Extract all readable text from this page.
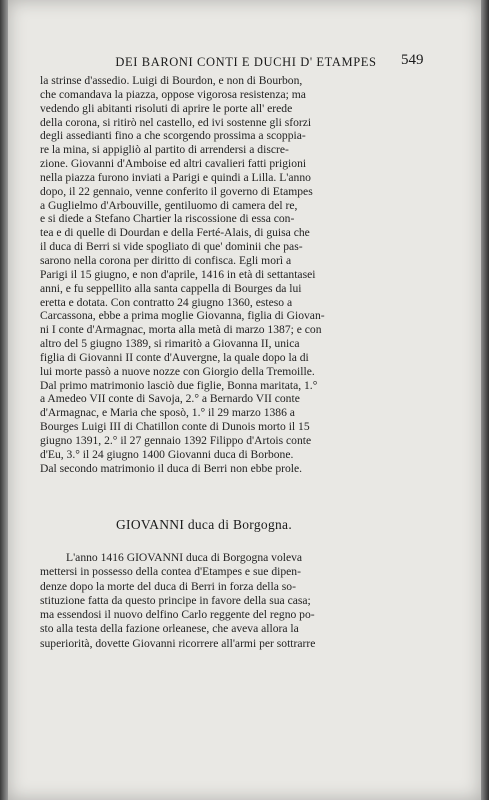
DEI BARONI CONTI E DUCHI D' ETAMPES	549
la strinse d'assedio. Luigi di Bourdon, e non di Bourbon,
che comandava la piazza, oppose vigorosa resistenza; ma
vedendo gli abitanti risoluti di aprire le porte all' erede
della corona, si ritirò nel castello, ed ivi sostenne gli sforzi
degli assedianti fino a che scorgendo prossima a scoppia-
re la mina, si appigliò al partito di arrendersi a discre-
zione. Giovanni d'Amboise ed altri cavalieri fatti prigioni
nella piazza furono inviati a Parigi e quindi a Lilla. L'anno
dopo, il 22 gennaio, venne conferito il governo di Etampes
a Guglielmo d'Arbouville, gentiluomo di camera del re,
e si diede a Stefano Chartier la riscossione di essa con-
tea e di quelle di Dourdan e della Ferté-Alais, di guisa che
il duca di Berri si vide spogliato di que' dominii che pas-
sarono nella corona per diritto di confisca. Egli morì a
Parigi il 15 giugno, e non d'aprile, 1416 in età di settantasei
anni, e fu seppellito alla santa cappella di Bourges da lui
eretta e dotata. Con contratto 24 giugno 1360, esteso a
Carcassona, ebbe a prima moglie Giovanna, figlia di Giovan-
ni I conte d'Armagnac, morta alla metà di marzo 1387; e con
altro del 5 giugno 1389, si rimaritò a Giovanna II, unica
figlia di Giovanni II conte d'Auvergne, la quale dopo la di
lui morte passò a nuove nozze con Giorgio della Tremoille.
Dal primo matrimonio lasciò due figlie, Bonna maritata, 1.°
a Amedeo VII conte di Savoja, 2.° a Bernardo VII conte
d'Armagnac, e Maria che sposò, 1.° il 29 marzo 1386 a
Bourges Luigi III di Chatillon conte di Dunois morto il 15
giugno 1391, 2.° il 27 gennaio 1392 Filippo d'Artois conte
d'Eu, 3.° il 24 giugno 1400 Giovanni duca di Borbone.
Dal secondo matrimonio il duca di Berri non ebbe prole.
GIOVANNI duca di Borgogna.
L'anno 1416 GIOVANNI duca di Borgogna voleva
mettersi in possesso della contea d'Etampes e sue dipen-
denze dopo la morte del duca di Berri in forza della so-
stituzione fatta da questo principe in favore della sua casa;
ma essendosi il nuovo delfino Carlo reggente del regno po-
sto alla testa della fazione orleanese, che aveva allora la
superiorità, dovette Giovanni ricorrere all'armi per sottrarre
